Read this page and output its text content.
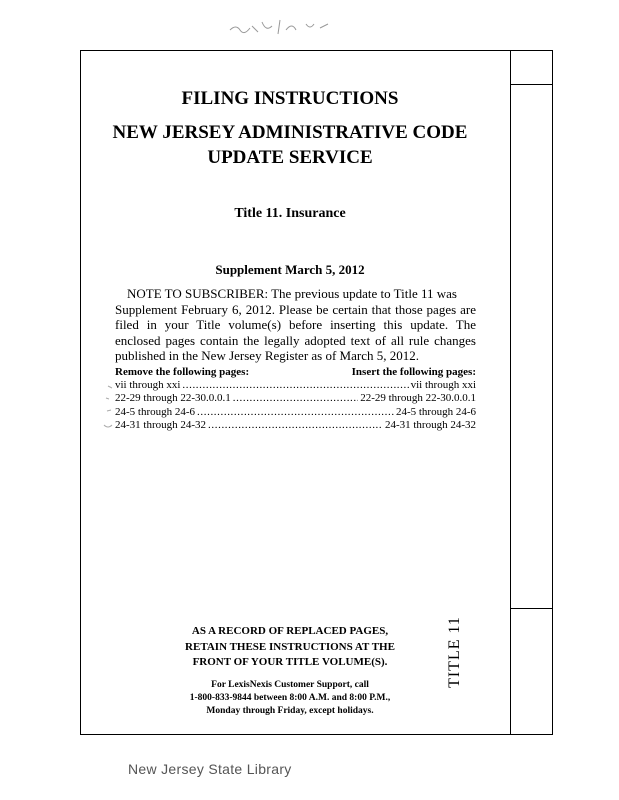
TITLE 11
FILING INSTRUCTIONS
NEW JERSEY ADMINISTRATIVE CODE
UPDATE SERVICE
Title 11. Insurance
Supplement March 5, 2012
NOTE TO SUBSCRIBER: The previous update to Title 11 was
Supplement February 6, 2012. Please be certain that those pages are filed in your Title volume(s) before inserting this update. The enclosed pages contain the legally adopted text of all rule changes published in the New Jersey Register as of March 5, 2012.
Remove the following pages:	Insert the following pages:
vii through xxi .....	vii through xxi
22-29 through 22-30.0.0.1 .....	22-29 through 22-30.0.0.1
24-5 through 24-6 .....	24-5 through 24-6
24-31 through 24-32 .....	24-31 through 24-32
AS A RECORD OF REPLACED PAGES,
RETAIN THESE INSTRUCTIONS AT THE
FRONT OF YOUR TITLE VOLUME(S).
For LexisNexis Customer Support, call
1-800-833-9844 between 8:00 A.M. and 8:00 P.M.,
Monday through Friday, except holidays.
New Jersey State Library
